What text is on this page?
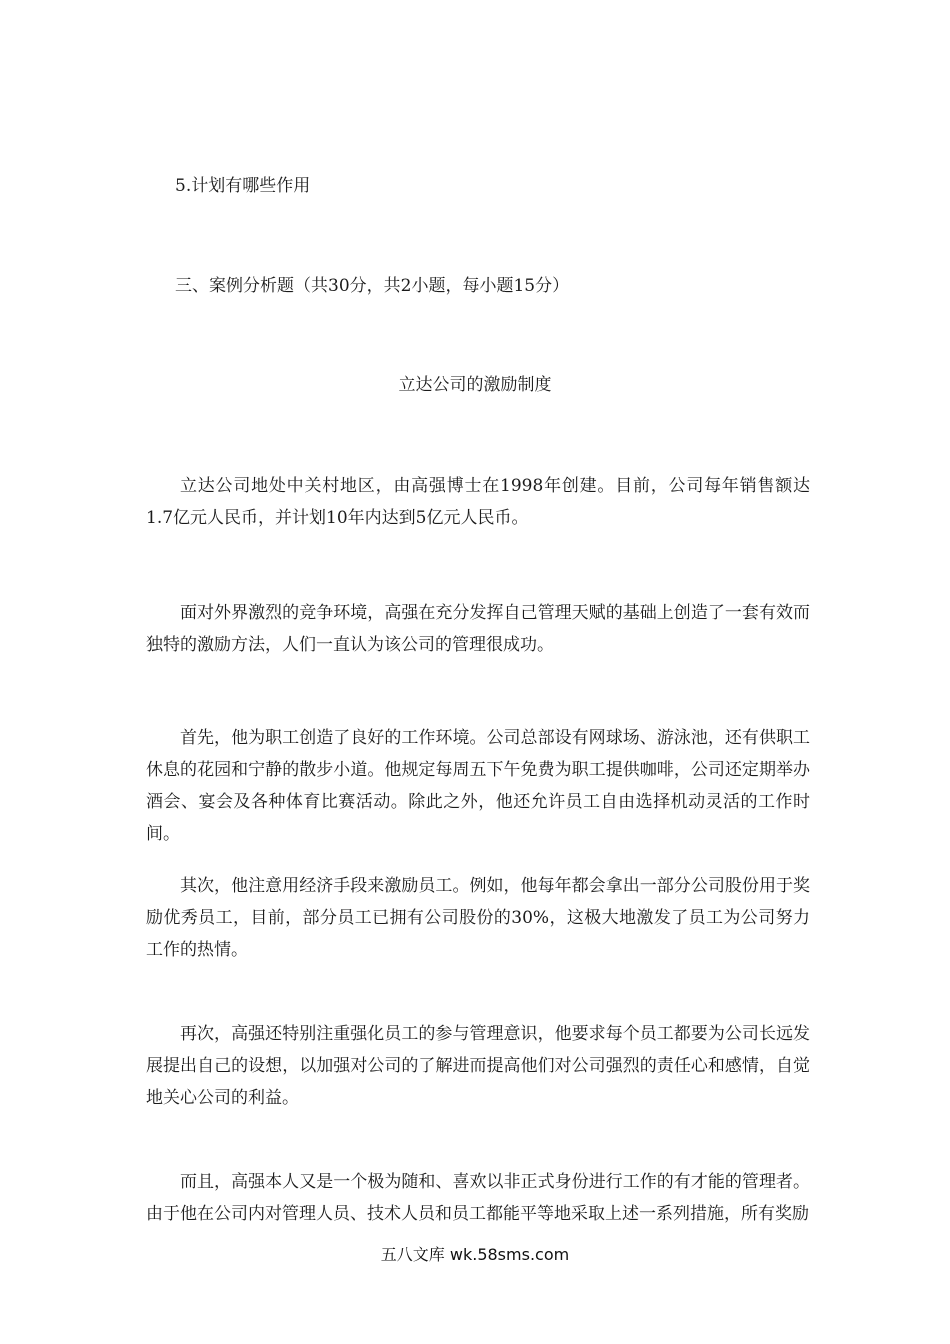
5.计划有哪些作用
三、案例分析题（共30分，共2小题，每小题15分）
立达公司的激励制度

立达公司地处中关村地区，由高强博士在1998年创建。目前，公司每年销售额达1.7亿元人民币，并计划10年内达到5亿元人民币。

面对外界激烈的竞争环境，高强在充分发挥自己管理天赋的基础上创造了一套有效而独特的激励方法，人们一直认为该公司的管理很成功。

首先，他为职工创造了良好的工作环境。公司总部设有网球场、游泳池，还有供职工休息的花园和宁静的散步小道。他规定每周五下午免费为职工提供咖啡，公司还定期举办酒会、宴会及各种体育比赛活动。除此之外，他还允许员工自由选择机动灵活的工作时间。

其次，他注意用经济手段来激励员工。例如，他每年都会拿出一部分公司股份用于奖励优秀员工，目前，部分员工已拥有公司股份的30%，这极大地激发了员工为公司努力工作的热情。

再次，高强还特别注重强化员工的参与管理意识，他要求每个员工都要为公司长远发展提出自己的设想，以加强对公司的了解进而提高他们对公司强烈的责任心和感情，自觉地关心公司的利益。

而且，高强本人又是一个极为随和、喜欢以非正式身份进行工作的有才能的管理者。由于他在公司内对管理人员、技术人员和员工都能平等地采取上述一系列措施，所有奖励

五八文库 wk.58sms.com
